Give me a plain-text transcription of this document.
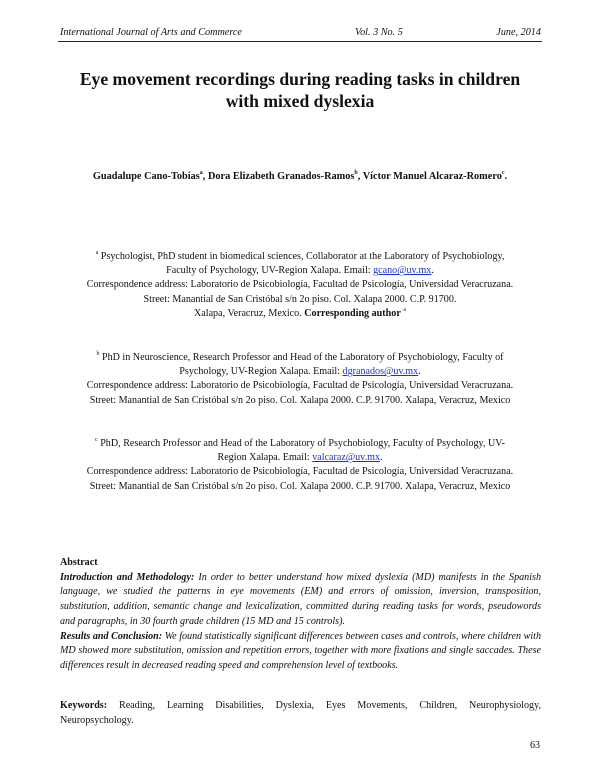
International Journal of Arts and Commerce	Vol. 3 No. 5	June, 2014
Eye movement recordings during reading tasks in children
with mixed dyslexia
Guadalupe Cano-Tobías$^a$, Dora Elizabeth Granados-Ramos$^b$, Víctor Manuel Alcaraz-Romero$^c$.

$^a$ Psychologist, PhD student in biomedical sciences, Collaborator at the Laboratory of Psychobiology,

Faculty of Psychology, UV-Region Xalapa. Email: gcano@uv.mx.

Correspondence address: Laboratorio de Psicobiología, Facultad de Psicología, Universidad Veracruzana.

Street: Manantial de San Cristóbal s/n 2o piso. Col. Xalapa 2000. C.P. 91700.

Xalapa, Veracruz, Mexico. Corresponding author $^a$

$^b$ PhD in Neuroscience, Research Professor and Head of the Laboratory of Psychobiology, Faculty of

Psychology, UV-Region Xalapa. Email: dgranados@uv.mx.

Correspondence address: Laboratorio de Psicobiología, Facultad de Psicología, Universidad Veracruzana.

Street: Manantial de San Cristóbal s/n 2o piso. Col. Xalapa 2000. C.P. 91700. Xalapa, Veracruz, Mexico

$^c$ PhD, Research Professor and Head of the Laboratory of Psychobiology, Faculty of Psychology, UV-

Region Xalapa. Email: valcaraz@uv.mx.

Correspondence address: Laboratorio de Psicobiología, Facultad de Psicología, Universidad Veracruzana.

Street: Manantial de San Cristóbal s/n 2o piso. Col. Xalapa 2000. C.P. 91700. Xalapa, Veracruz, Mexico

Abstract

Introduction and Methodology: In order to better understand how mixed dyslexia (MD) manifests in the Spanish language, we studied the patterns in eye movements (EM) and errors of omission, inversion, transposition, substitution, addition, semantic change and lexicalization, committed during reading tasks for words, pseudowords and paragraphs, in 30 fourth grade children (15 MD and 15 controls).

Results and Conclusion: We found statistically significant differences between cases and controls, where children with MD showed more substitution, omission and repetition errors, together with more fixations and single saccades. These differences result in decreased reading speed and comprehension level of textbooks.

Keywords: Reading, Learning Disabilities, Dyslexia, Eyes Movements, Children, Neurophysiology, Neuropsychology.
63
